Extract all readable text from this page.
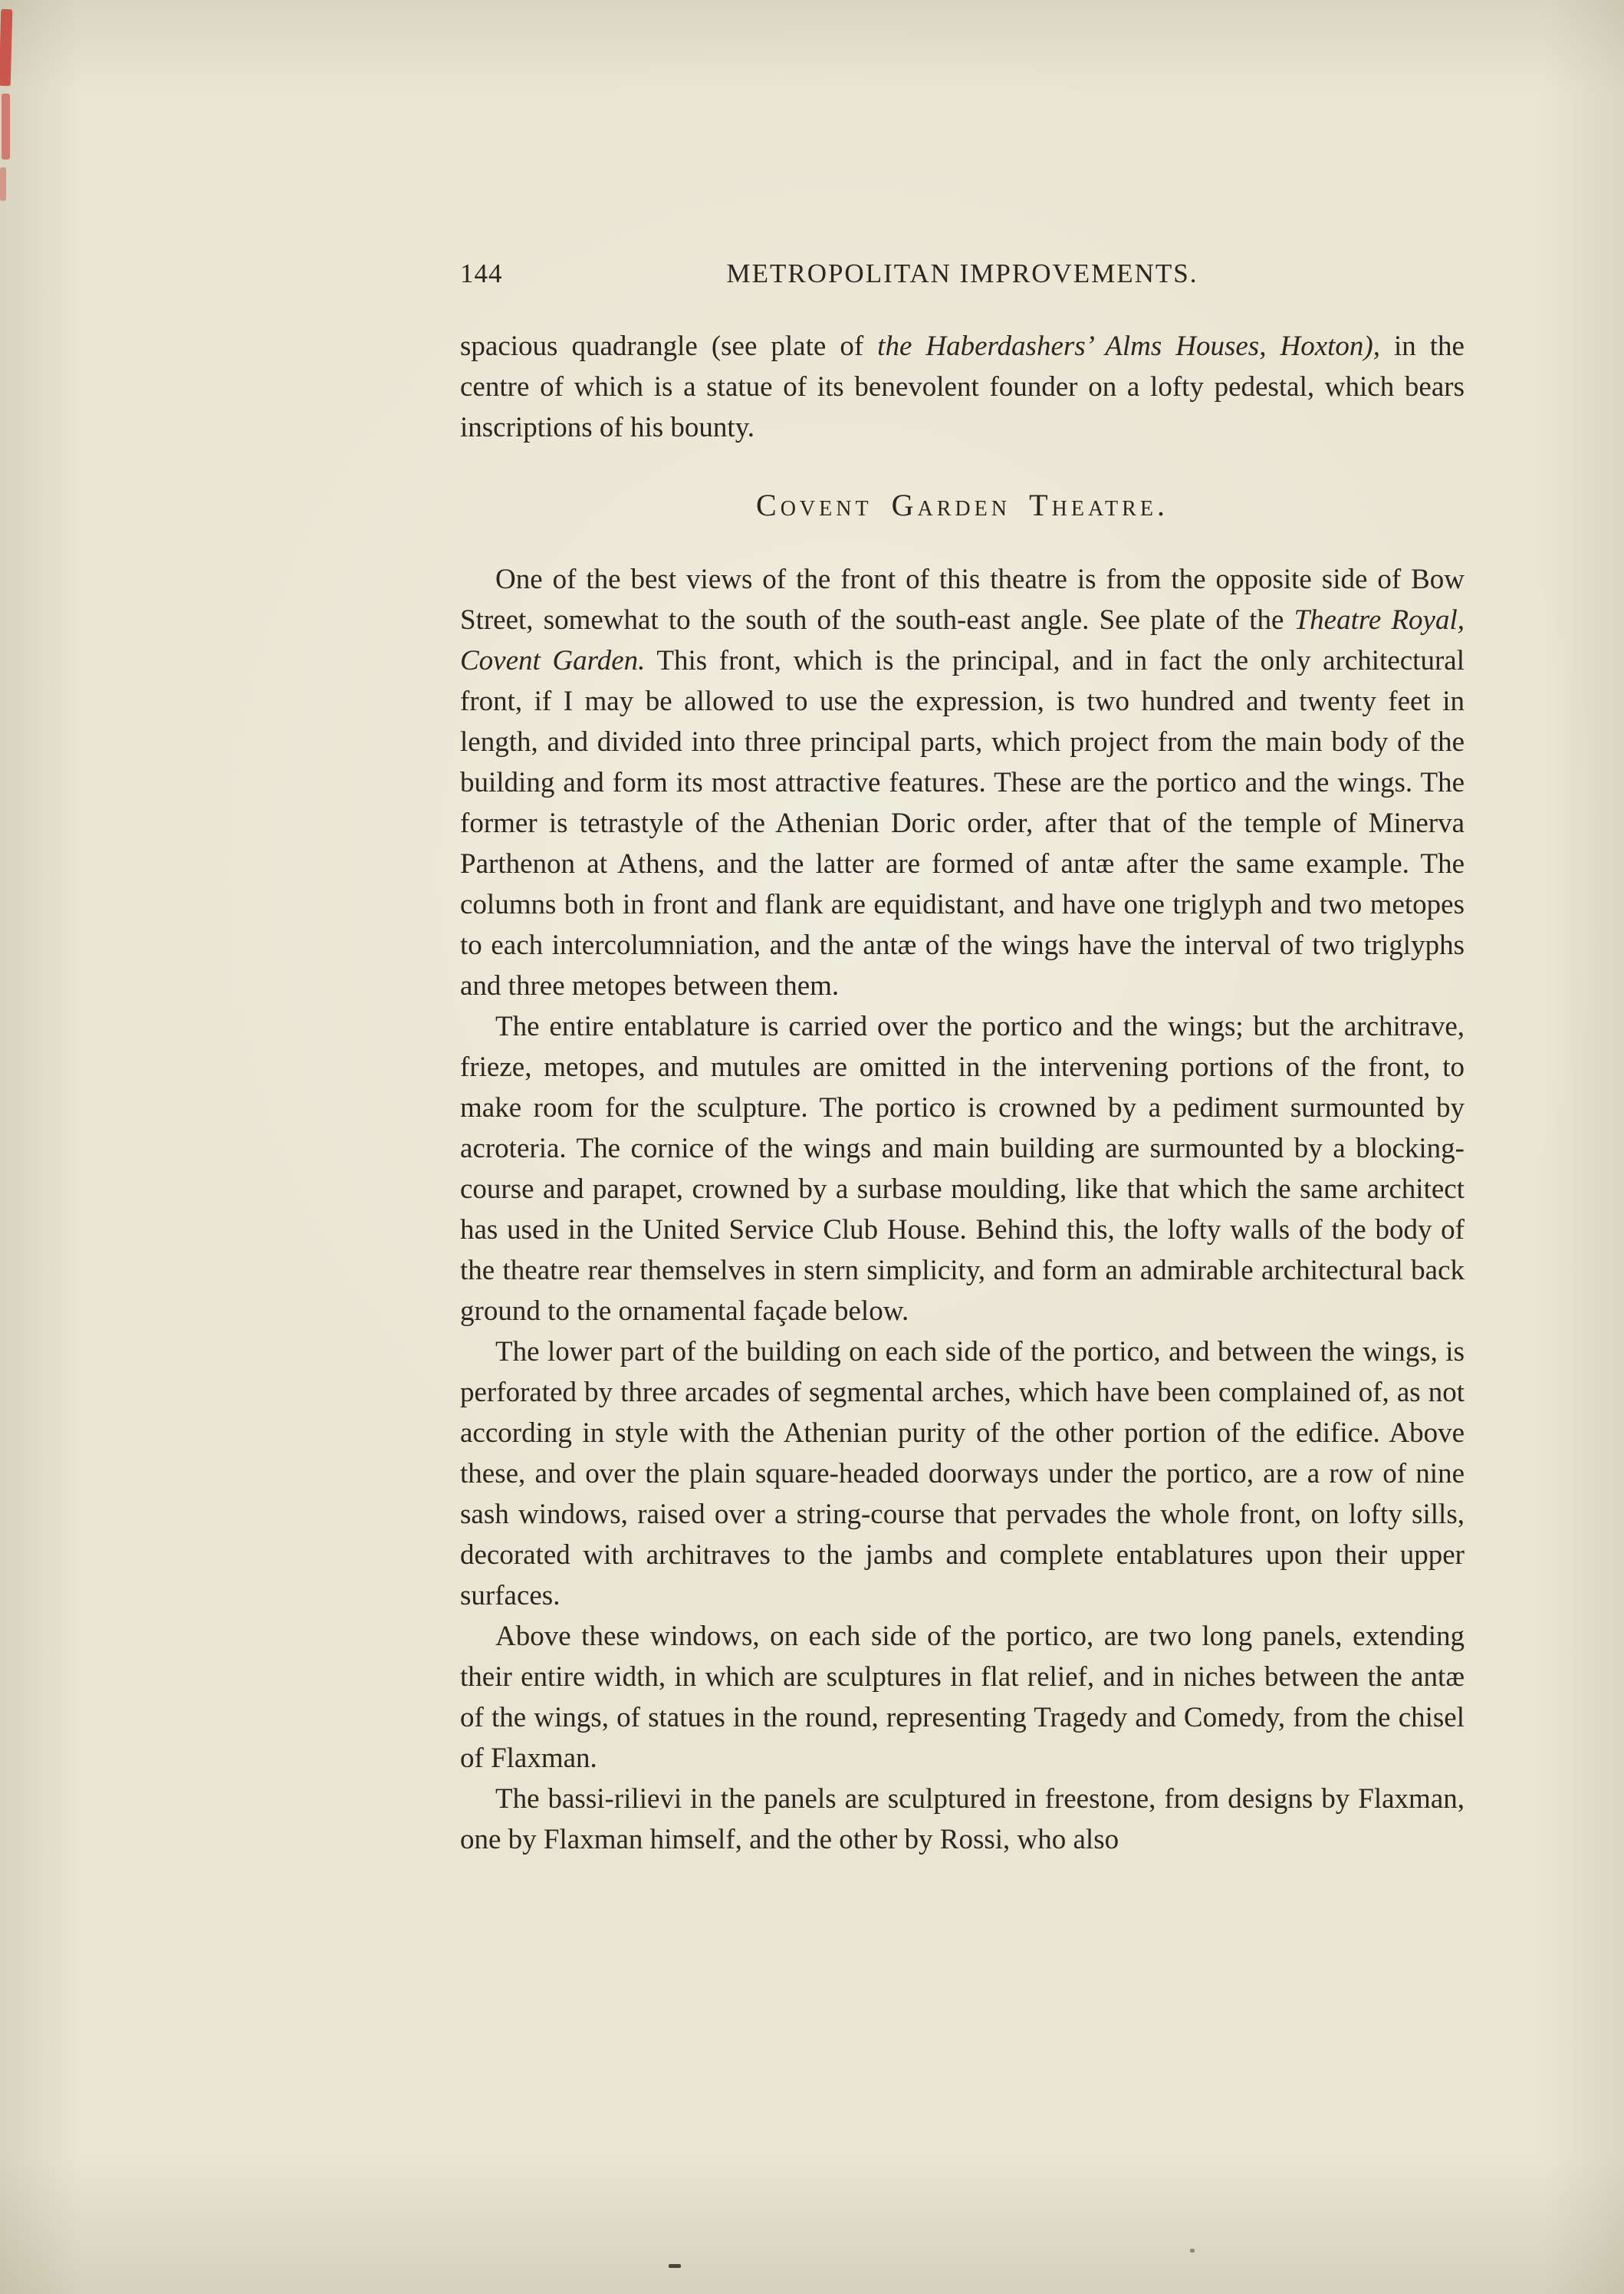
144	METROPOLITAN IMPROVEMENTS.

spacious quadrangle (see plate of the Haberdashers’ Alms Houses, Hoxton), in the centre of which is a statue of its benevolent founder on a lofty pedestal, which bears inscriptions of his bounty.

Covent Garden Theatre.

One of the best views of the front of this theatre is from the opposite side of Bow Street, somewhat to the south of the south-east angle. See plate of the Theatre Royal, Covent Garden. This front, which is the principal, and in fact the only architectural front, if I may be allowed to use the expression, is two hundred and twenty feet in length, and divided into three principal parts, which project from the main body of the building and form its most attractive features. These are the portico and the wings. The former is tetrastyle of the Athenian Doric order, after that of the temple of Minerva Parthenon at Athens, and the latter are formed of antæ after the same example. The columns both in front and flank are equidistant, and have one triglyph and two metopes to each intercolumniation, and the antæ of the wings have the interval of two triglyphs and three metopes between them.

The entire entablature is carried over the portico and the wings; but the architrave, frieze, metopes, and mutules are omitted in the intervening portions of the front, to make room for the sculpture. The portico is crowned by a pediment surmounted by acroteria. The cornice of the wings and main building are surmounted by a blocking-course and parapet, crowned by a surbase moulding, like that which the same architect has used in the United Service Club House. Behind this, the lofty walls of the body of the theatre rear themselves in stern simplicity, and form an admirable architectural back ground to the ornamental façade below.

The lower part of the building on each side of the portico, and between the wings, is perforated by three arcades of segmental arches, which have been complained of, as not according in style with the Athenian purity of the other portion of the edifice. Above these, and over the plain square-headed doorways under the portico, are a row of nine sash windows, raised over a string-course that pervades the whole front, on lofty sills, decorated with architraves to the jambs and complete entablatures upon their upper surfaces.

Above these windows, on each side of the portico, are two long panels, extending their entire width, in which are sculptures in flat relief, and in niches between the antæ of the wings, of statues in the round, representing Tragedy and Comedy, from the chisel of Flaxman.

The bassi-rilievi in the panels are sculptured in freestone, from designs by Flaxman, one by Flaxman himself, and the other by Rossi, who also
